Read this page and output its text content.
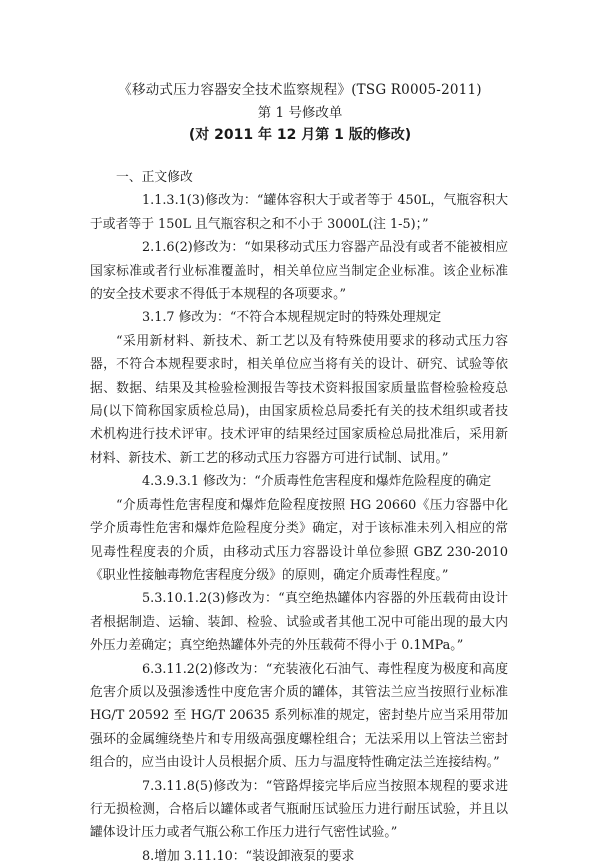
《移动式压力容器安全技术监察规程》(TSG R0005-2011)
第 1 号修改单
(对 2011 年 12 月第 1 版的修改)

一、正文修改

1.1.3.1(3)修改为：“罐体容积大于或者等于 450L，气瓶容积大于或者等于 150L 且气瓶容积之和不小于 3000L(注 1-5)；”

2.1.6(2)修改为：“如果移动式压力容器产品没有或者不能被相应国家标准或者行业标准覆盖时，相关单位应当制定企业标准。该企业标准的安全技术要求不得低于本规程的各项要求。”

3.1.7 修改为：“不符合本规程规定时的特殊处理规定

“采用新材料、新技术、新工艺以及有特殊使用要求的移动式压力容器，不符合本规程要求时，相关单位应当将有关的设计、研究、试验等依据、数据、结果及其检验检测报告等技术资料报国家质量监督检验检疫总局(以下简称国家质检总局)，由国家质检总局委托有关的技术组织或者技术机构进行技术评审。技术评审的结果经过国家质检总局批准后，采用新材料、新技术、新工艺的移动式压力容器方可进行试制、试用。”

4.3.9.3.1 修改为：“介质毒性危害程度和爆炸危险程度的确定

“介质毒性危害程度和爆炸危险程度按照 HG 20660《压力容器中化学介质毒性危害和爆炸危险程度分类》确定，对于该标准未列入相应的常见毒性程度表的介质，由移动式压力容器设计单位参照 GBZ 230-2010《职业性接触毒物危害程度分级》的原则，确定介质毒性程度。”

5.3.10.1.2(3)修改为：“真空绝热罐体内容器的外压载荷由设计者根据制造、运输、装卸、检验、试验或者其他工况中可能出现的最大内外压力差确定；真空绝热罐体外壳的外压载荷不得小于 0.1MPa。”

6.3.11.2(2)修改为：“充装液化石油气、毒性程度为极度和高度危害介质以及强渗透性中度危害介质的罐体，其管法兰应当按照行业标准 HG/T 20592 至 HG/T 20635 系列标准的规定，密封垫片应当采用带加强环的金属缠绕垫片和专用级高强度螺栓组合；无法采用以上管法兰密封组合的，应当由设计人员根据介质、压力与温度特性确定法兰连接结构。”

7.3.11.8(5)修改为：“管路焊接完毕后应当按照本规程的要求进行无损检测，合格后以罐体或者气瓶耐压试验压力进行耐压试验，并且以罐体设计压力或者气瓶公称工作压力进行气密性试验。”

8.增加 3.11.10：“装设卸液泵的要求
